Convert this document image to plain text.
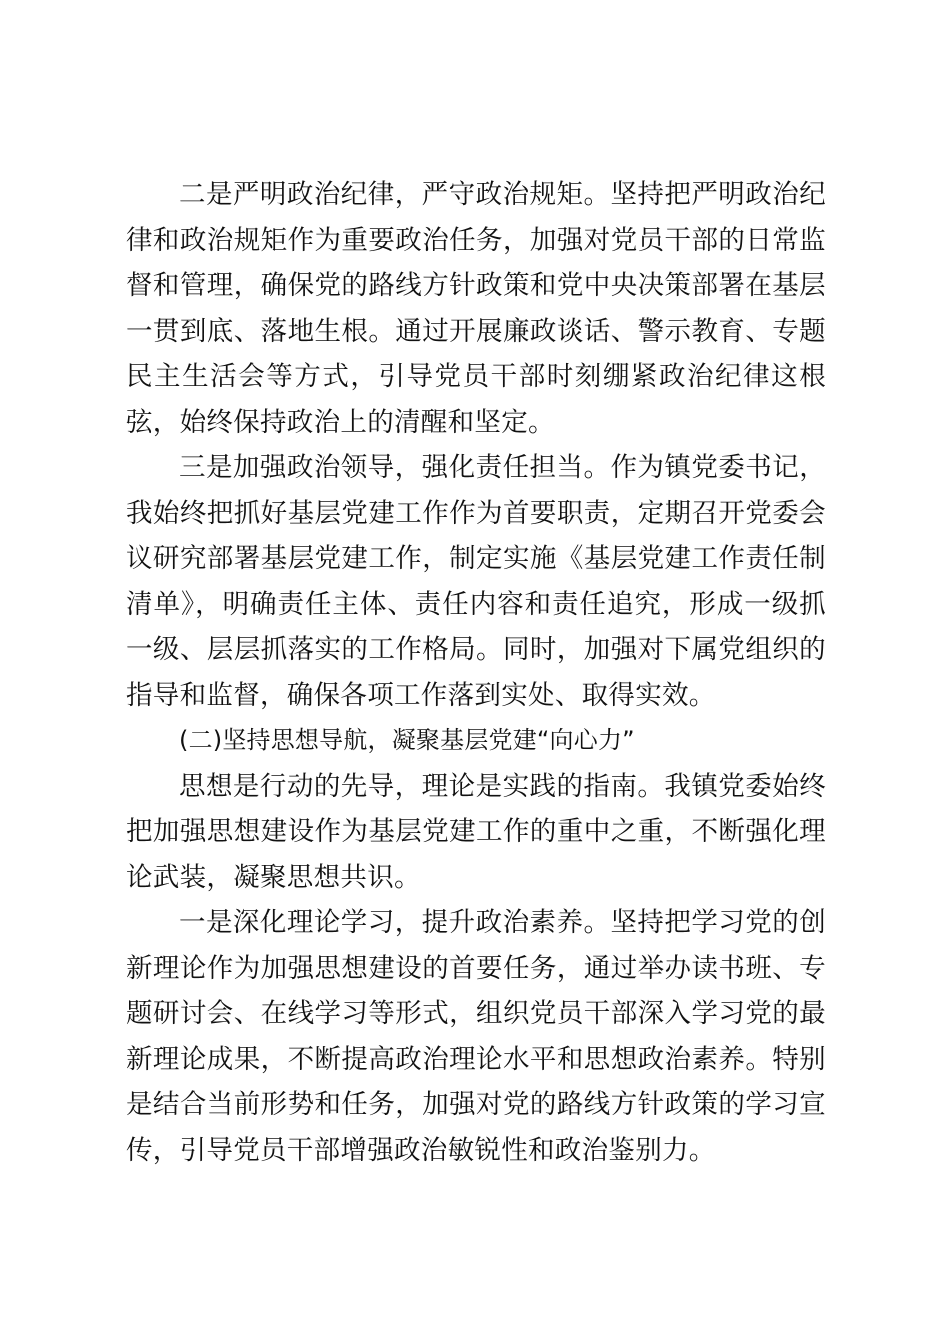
二是严明政治纪律，严守政治规矩。坚持把严明政治纪律和政治规矩作为重要政治任务，加强对党员干部的日常监督和管理，确保党的路线方针政策和党中央决策部署在基层一贯到底、落地生根。通过开展廉政谈话、警示教育、专题民主生活会等方式，引导党员干部时刻绷紧政治纪律这根弦，始终保持政治上的清醒和坚定。

三是加强政治领导，强化责任担当。作为镇党委书记，我始终把抓好基层党建工作作为首要职责，定期召开党委会议研究部署基层党建工作，制定实施《基层党建工作责任制清单》，明确责任主体、责任内容和责任追究，形成一级抓一级、层层抓落实的工作格局。同时，加强对下属党组织的指导和监督，确保各项工作落到实处、取得实效。

(二)坚持思想导航，凝聚基层党建“向心力”

思想是行动的先导，理论是实践的指南。我镇党委始终把加强思想建设作为基层党建工作的重中之重，不断强化理论武装，凝聚思想共识。

一是深化理论学习，提升政治素养。坚持把学习党的创新理论作为加强思想建设的首要任务，通过举办读书班、专题研讨会、在线学习等形式，组织党员干部深入学习党的最新理论成果，不断提高政治理论水平和思想政治素养。特别是结合当前形势和任务，加强对党的路线方针政策的学习宣传，引导党员干部增强政治敏锐性和政治鉴别力。
